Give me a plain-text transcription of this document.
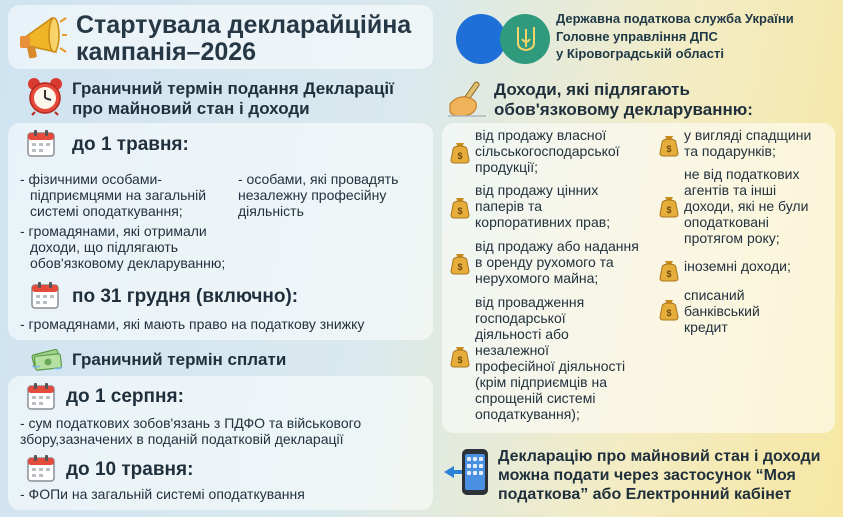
Стартувала декларайційна
кампанія–2026
Державна податкова служба України
Головне управління ДПС
у Кіровоградській області
Граничний термін подання Декларації
про майновий стан і доходи
до 1 травня:
- фізичними особами-
підприємцями на загальній
системі оподаткування;
- особами, які провадять
незалежну професійну
діяльність
- громадянами, які отримали
доходи, що підлягають
обов'язковому декларуванню;
по 31 грудня (включно):
- громадянами, які мають право на податкову знижку
Граничний термін сплати
до 1 серпня:
- сум податкових зобов'язань з ПДФО та військового
збору,зазначених в поданій податковій декларації
до 10 травня:
- ФОПи на загальній системі оподаткування
Доходи, які підлягають
обов'язковому декларуванню:
$
від продажу власної
сільськогосподарської
продукції;
$
від продажу цінних
паперів та
корпоративних прав;
$
від продажу або надання
в оренду рухомого та
нерухомого майна;
$
від провадження
господарської
діяльності або
незалежної
професійної діяльності
(крім підприємців на
спрощеній системі
оподаткування);
$
у вигляді спадщини
та подарунків;
$
не від податкових
агентів та інші
доходи, які не були
оподатковані
протягом року;
$ іноземні доходи;
$
списаний
банківський
кредит
Декларацію про майновий стан і доходи
можна подати через застосунок “Моя
податкова” або Електронний кабінет
